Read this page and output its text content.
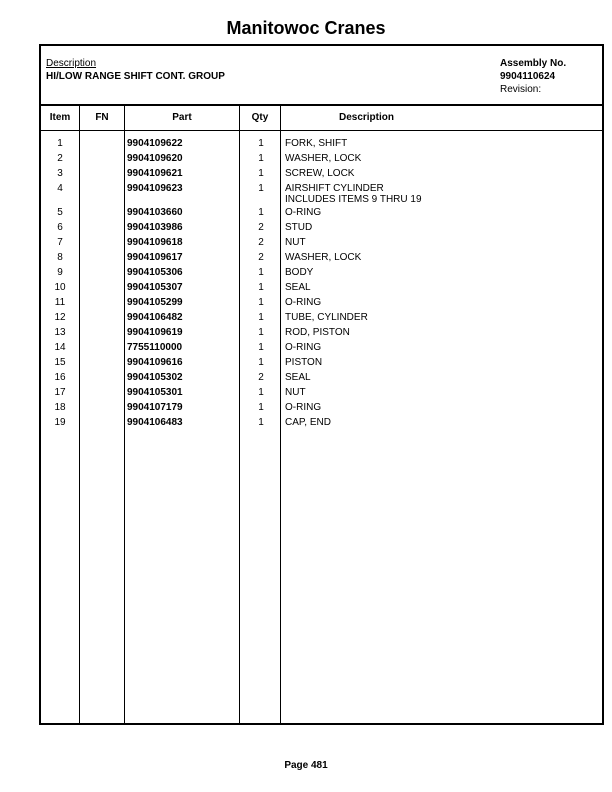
Manitowoc Cranes
Description
HI/LOW RANGE SHIFT CONT. GROUP
Assembly No.
9904110624
Revision:
Item	FN	Part	Qty	Description
1	9904109622	1	FORK, SHIFT
2	9904109620	1	WASHER, LOCK
3	9904109621	1	SCREW, LOCK
4	9904109623	1	AIRSHIFT CYLINDER
INCLUDES ITEMS 9 THRU 19
5	9904103660	1	O-RING
6	9904103986	2	STUD
7	9904109618	2	NUT
8	9904109617	2	WASHER, LOCK
9	9904105306	1	BODY
10	9904105307	1	SEAL
11	9904105299	1	O-RING
12	9904106482	1	TUBE, CYLINDER
13	9904109619	1	ROD, PISTON
14	7755110000	1	O-RING
15	9904109616	1	PISTON
16	9904105302	2	SEAL
17	9904105301	1	NUT
18	9904107179	1	O-RING
19	9904106483	1	CAP, END
Page 481
